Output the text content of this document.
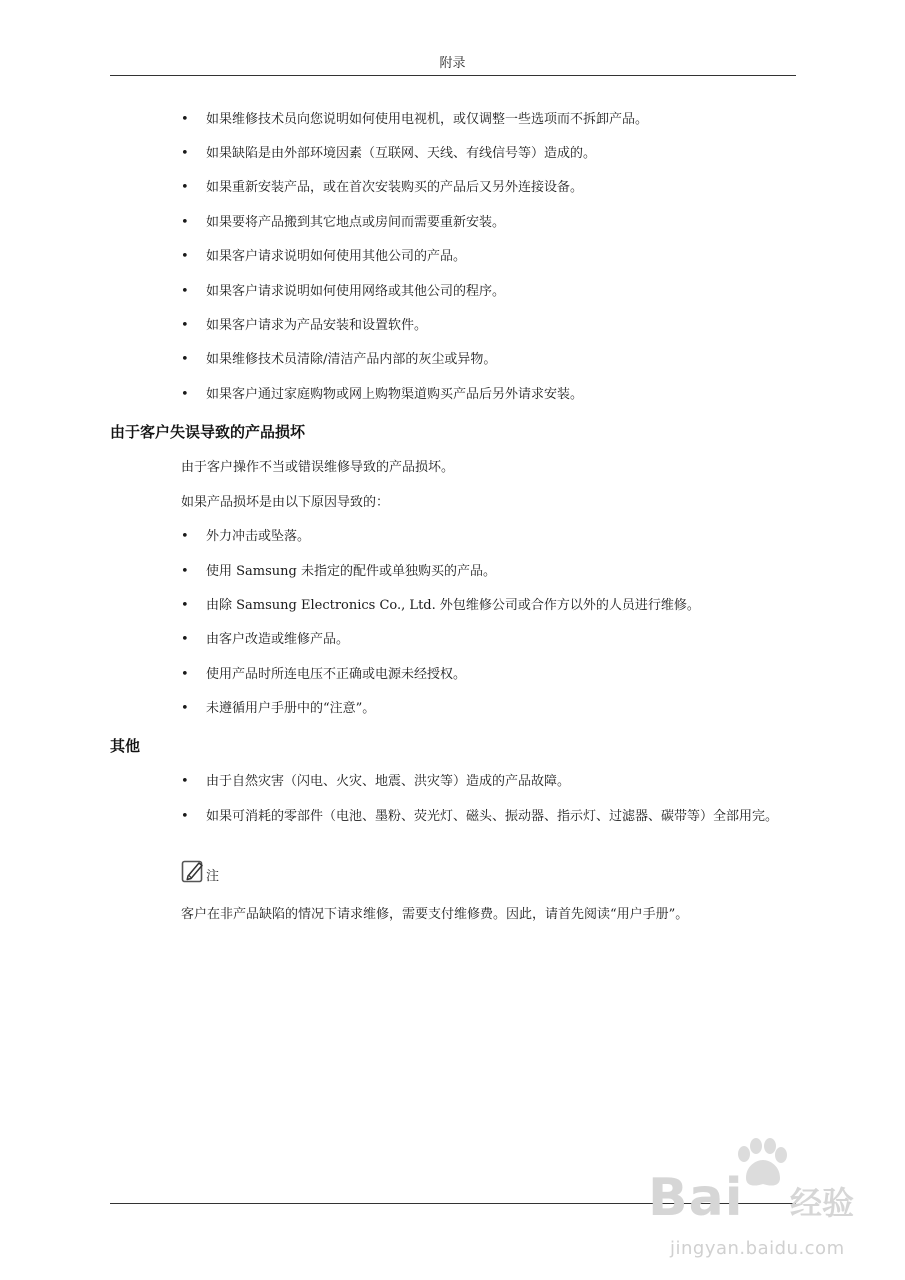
附录
•	如果维修技术员向您说明如何使用电视机，或仅调整一些选项而不拆卸产品。
•	如果缺陷是由外部环境因素（互联网、天线、有线信号等）造成的。
•	如果重新安装产品，或在首次安装购买的产品后又另外连接设备。
•	如果要将产品搬到其它地点或房间而需要重新安装。
•	如果客户请求说明如何使用其他公司的产品。
•	如果客户请求说明如何使用网络或其他公司的程序。
•	如果客户请求为产品安装和设置软件。
•	如果维修技术员清除/清洁产品内部的灰尘或异物。
•	如果客户通过家庭购物或网上购物渠道购买产品后另外请求安装。
由于客户失误导致的产品损坏
由于客户操作不当或错误维修导致的产品损坏。
如果产品损坏是由以下原因导致的：
•	外力冲击或坠落。
•	使用 Samsung 未指定的配件或单独购买的产品。
•	由除 Samsung Electronics Co., Ltd. 外包维修公司或合作方以外的人员进行维修。
•	由客户改造或维修产品。
•	使用产品时所连电压不正确或电源未经授权。
•	未遵循用户手册中的“注意”。
其他
•	由于自然灾害（闪电、火灾、地震、洪灾等）造成的产品故障。
•	如果可消耗的零部件（电池、墨粉、荧光灯、磁头、振动器、指示灯、过滤器、碳带等）全部用完。
注
客户在非产品缺陷的情况下请求维修，需要支付维修费。因此，请首先阅读“用户手册”。
Bai 经验
jingyan.baidu.com
